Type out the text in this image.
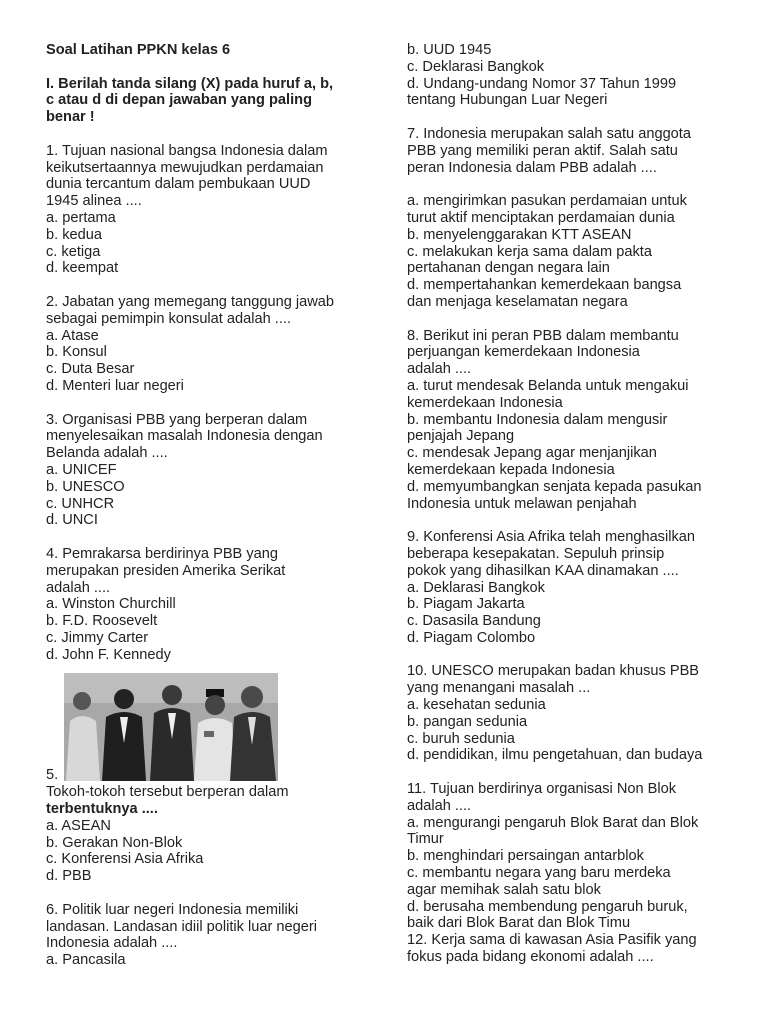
Soal Latihan PPKN kelas 6
I. Berilah tanda silang (X) pada huruf a, b,
c atau d di depan jawaban yang paling
benar !
1. Tujuan nasional bangsa Indonesia dalam
keikutsertaannya mewujudkan perdamaian
dunia tercantum dalam pembukaan UUD
1945 alinea ....
a. pertama
b. kedua
c. ketiga
d. keempat
2. Jabatan yang memegang tanggung jawab
sebagai pemimpin konsulat adalah ....
a. Atase
b. Konsul
c. Duta Besar
d. Menteri luar negeri
3. Organisasi PBB yang berperan dalam
menyelesaikan masalah Indonesia dengan
Belanda adalah ....
a. UNICEF
b. UNESCO
c. UNHCR
d. UNCI
4. Pemrakarsa berdirinya PBB yang
merupakan presiden Amerika Serikat
adalah ....
a. Winston Churchill
b. F.D. Roosevelt
c. Jimmy Carter
d. John F. Kennedy
5.
Tokoh-tokoh tersebut berperan dalam
terbentuknya ....
a. ASEAN
b. Gerakan Non-Blok
c. Konferensi Asia Afrika
d. PBB
6. Politik luar negeri Indonesia memiliki
landasan. Landasan idiil politik luar negeri
Indonesia adalah ....
a. Pancasila
b. UUD 1945
c. Deklarasi Bangkok
d. Undang-undang Nomor 37 Tahun 1999
tentang Hubungan Luar Negeri
7. Indonesia merupakan salah satu anggota
PBB yang memiliki peran aktif. Salah satu
peran Indonesia dalam PBB adalah ....
a. mengirimkan pasukan perdamaian untuk
turut aktif menciptakan perdamaian dunia
b. menyelenggarakan KTT ASEAN
c. melakukan kerja sama dalam pakta
pertahanan dengan negara lain
d. mempertahankan kemerdekaan bangsa
dan menjaga keselamatan negara
8. Berikut ini peran PBB dalam membantu
perjuangan kemerdekaan Indonesia
adalah ....
a. turut mendesak Belanda untuk mengakui
kemerdekaan Indonesia
b. membantu Indonesia dalam mengusir
penjajah Jepang
c. mendesak Jepang agar menjanjikan
kemerdekaan kepada Indonesia
d. memyumbangkan senjata kepada pasukan
Indonesia untuk melawan penjahah
9. Konferensi Asia Afrika telah menghasilkan
beberapa kesepakatan. Sepuluh prinsip
pokok yang dihasilkan KAA dinamakan ....
a. Deklarasi Bangkok
b. Piagam Jakarta
c. Dasasila Bandung
d. Piagam Colombo
10. UNESCO merupakan badan khusus PBB
yang menangani masalah ...
a. kesehatan sedunia
b. pangan sedunia
c. buruh sedunia
d. pendidikan, ilmu pengetahuan, dan budaya
11. Tujuan berdirinya organisasi Non Blok
adalah ....
a. mengurangi pengaruh Blok Barat dan Blok
Timur
b. menghindari persaingan antarblok
c. membantu negara yang baru merdeka
agar memihak salah satu blok
d. berusaha membendung pengaruh buruk,
baik dari Blok Barat dan Blok Timu
12. Kerja sama di kawasan Asia Pasifik yang
fokus pada bidang ekonomi adalah ....
